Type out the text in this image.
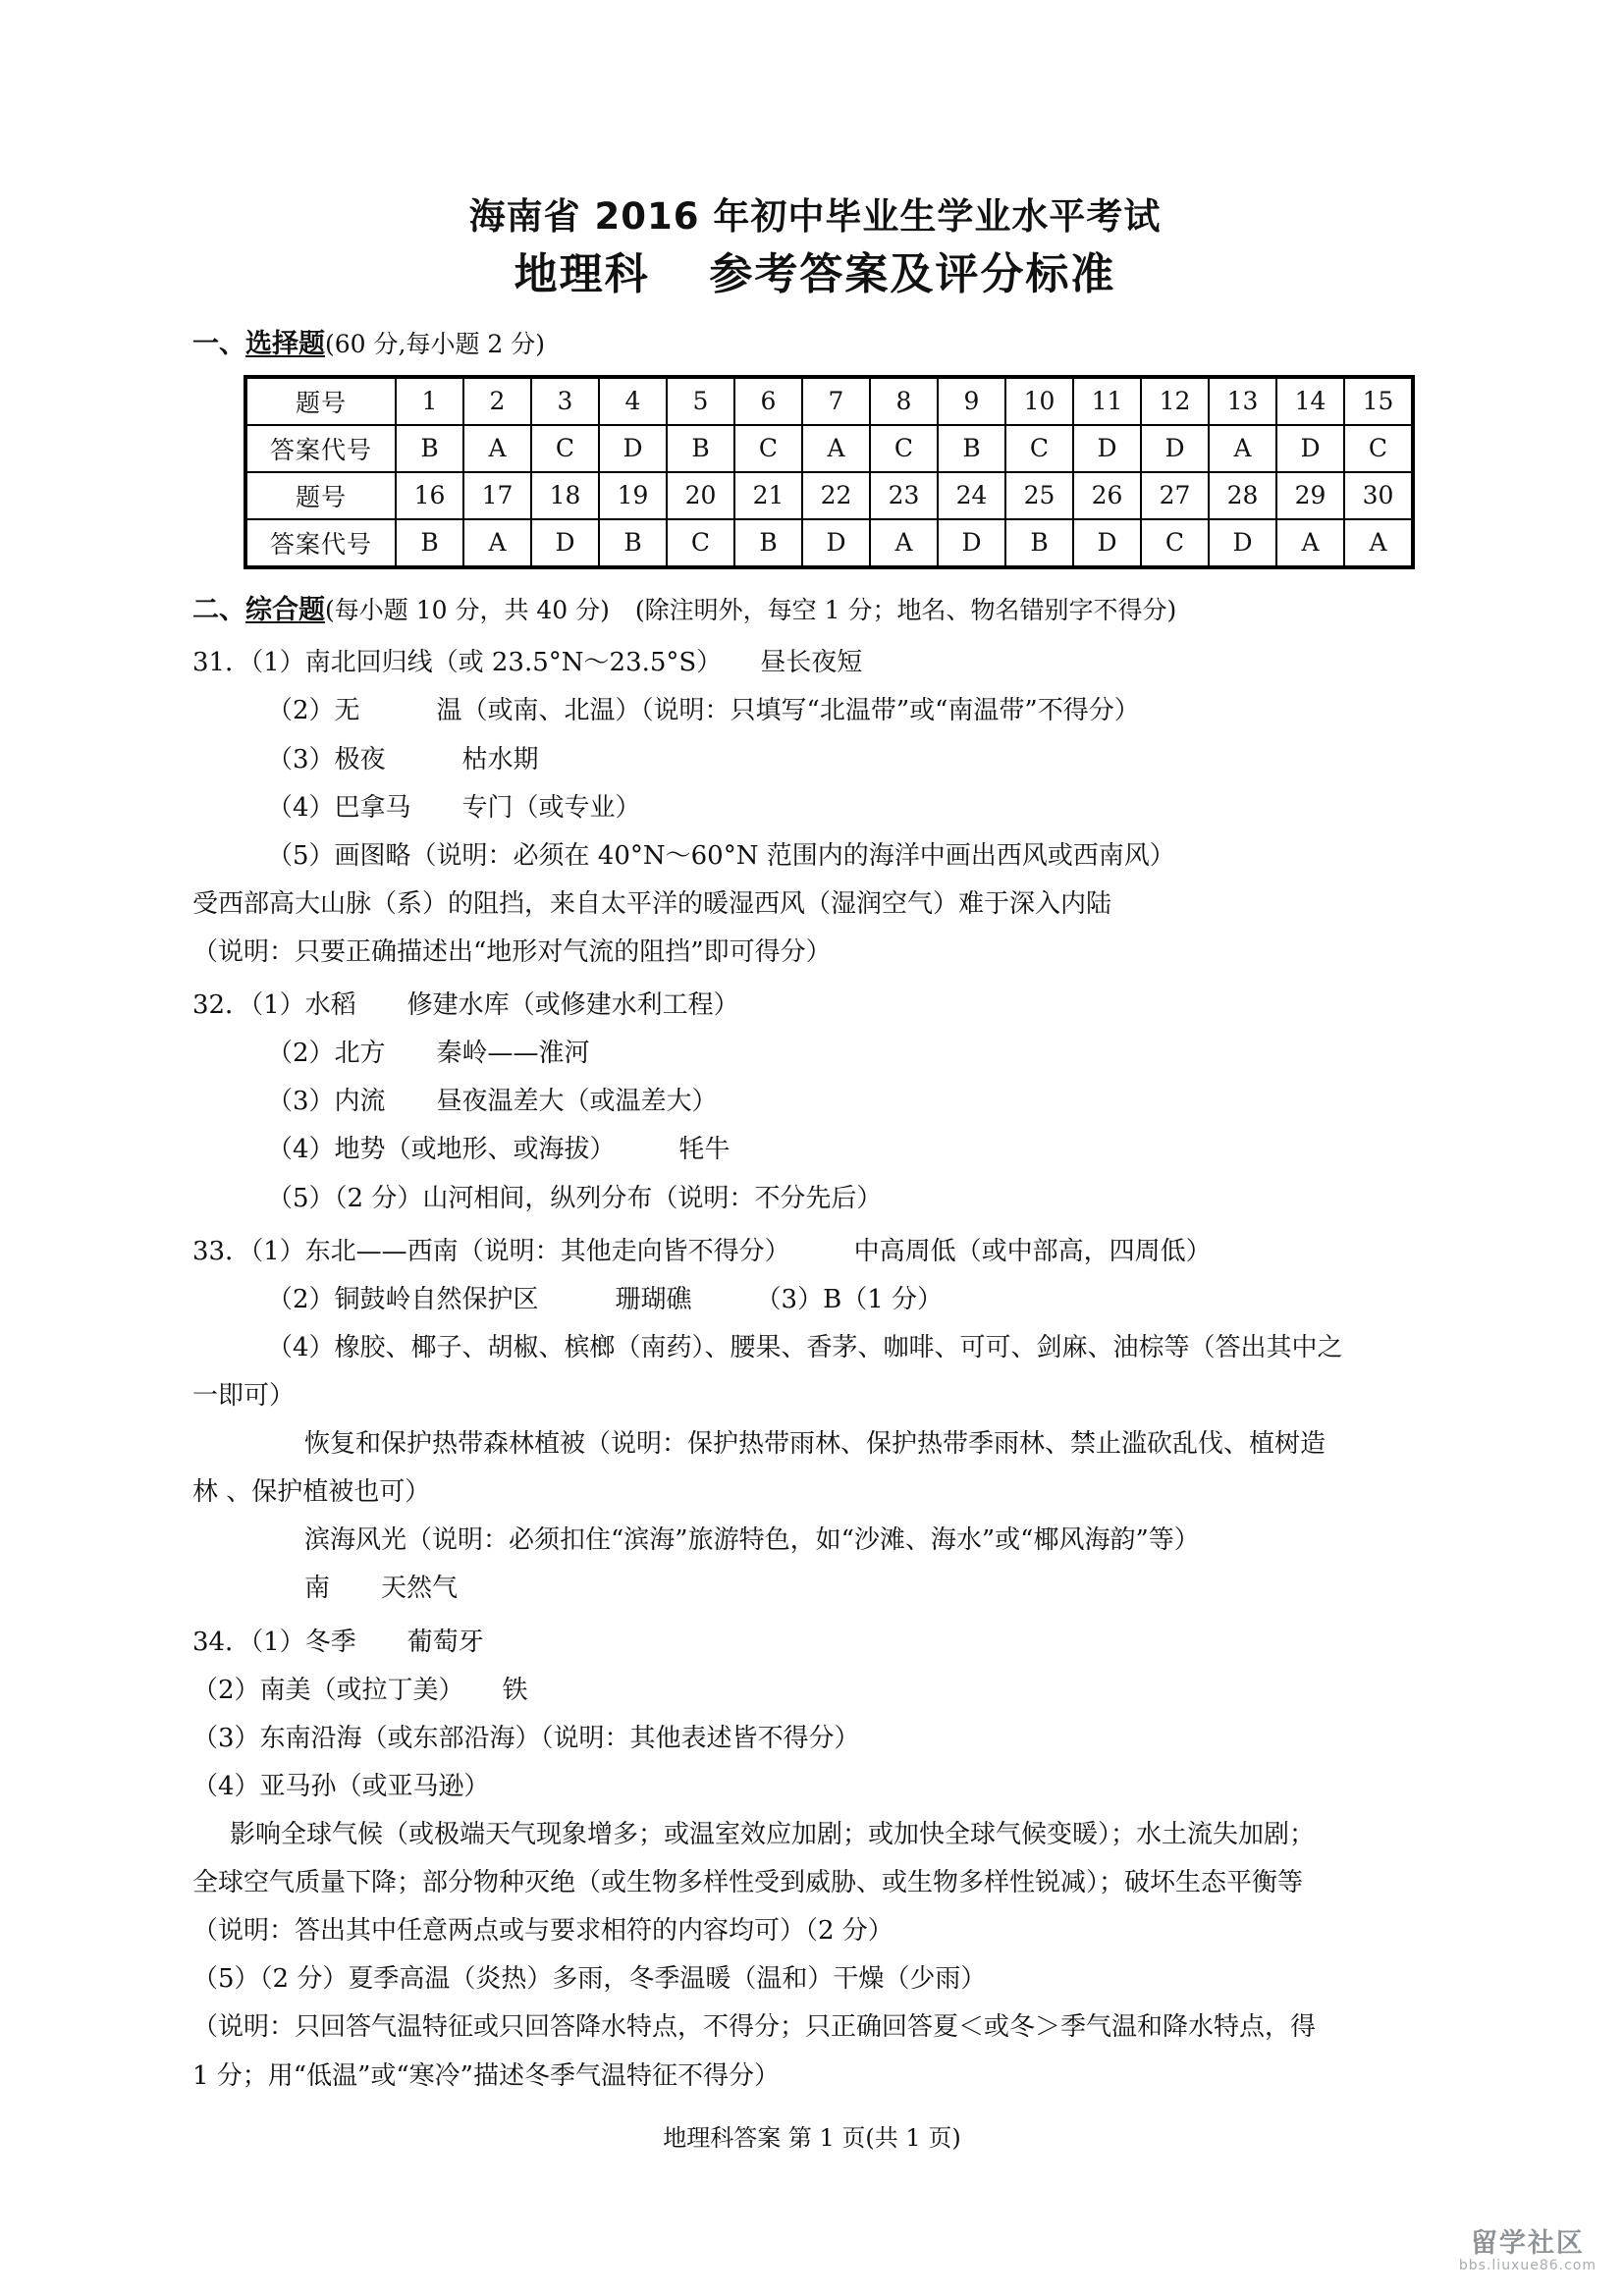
海南省 2016 年初中毕业生学业水平考试
地理科 参考答案及评分标准
一、选择题(60 分,每小题 2 分)
题号	1	2	3	4	5	6	7	8	9	10	11	12	13	14	15
答案代号	B	A	C	D	B	C	A	C	B	C	D	D	A	D	C
题号	16	17	18	19	20	21	22	23	24	25	26	27	28	29	30
答案代号	B	A	D	B	C	B	D	A	D	B	D	C	D	A	A
二、综合题(每小题 10 分，共 40 分) (除注明外，每空 1 分；地名、物名错别字不得分)
31．（1）南北回归线（或 23.5°N～23.5°S）　　昼长夜短
（2）无　　　温（或南、北温）（说明：只填写“北温带”或“南温带”不得分）
（3）极夜　　　枯水期
（4）巴拿马　　专门（或专业）
（5）画图略（说明：必须在 40°N～60°N 范围内的海洋中画出西风或西南风）
受西部高大山脉（系）的阻挡，来自太平洋的暖湿西风（湿润空气）难于深入内陆
（说明：只要正确描述出“地形对气流的阻挡”即可得分）
32．（1）水稻　　修建水库（或修建水利工程）
（2）北方　　秦岭——淮河
（3）内流　　昼夜温差大（或温差大）
（4）地势（或地形、或海拔）　　　牦牛
（5）（2 分）山河相间，纵列分布（说明：不分先后）
33．（1）东北——西南（说明：其他走向皆不得分）　　　中高周低（或中部高，四周低）
（2）铜鼓岭自然保护区　　　珊瑚礁　　　（3）B（1 分）
（4）橡胶、椰子、胡椒、槟榔（南药）、腰果、香茅、咖啡、可可、剑麻、油棕等（答出其中之
一即可）
恢复和保护热带森林植被（说明：保护热带雨林、保护热带季雨林、禁止滥砍乱伐、植树造
林 、保护植被也可）
滨海风光（说明：必须扣住“滨海”旅游特色，如“沙滩、海水”或“椰风海韵”等）
南　　天然气
34．（1）冬季　　葡萄牙
（2）南美（或拉丁美）　　铁
（3）东南沿海（或东部沿海）（说明：其他表述皆不得分）
（4）亚马孙（或亚马逊）
影响全球气候（或极端天气现象增多；或温室效应加剧；或加快全球气候变暖）；水土流失加剧；
全球空气质量下降；部分物种灭绝（或生物多样性受到威胁、或生物多样性锐减）；破坏生态平衡等
（说明：答出其中任意两点或与要求相符的内容均可）（2 分）
（5）（2 分）夏季高温（炎热）多雨，冬季温暖（温和）干燥（少雨）
（说明：只回答气温特征或只回答降水特点，不得分；只正确回答夏＜或冬＞季气温和降水特点，得
1 分；用“低温”或“寒冷”描述冬季气温特征不得分）
地理科答案 第 1 页(共 1 页)
留学社区
bbs.liuxue86.com
